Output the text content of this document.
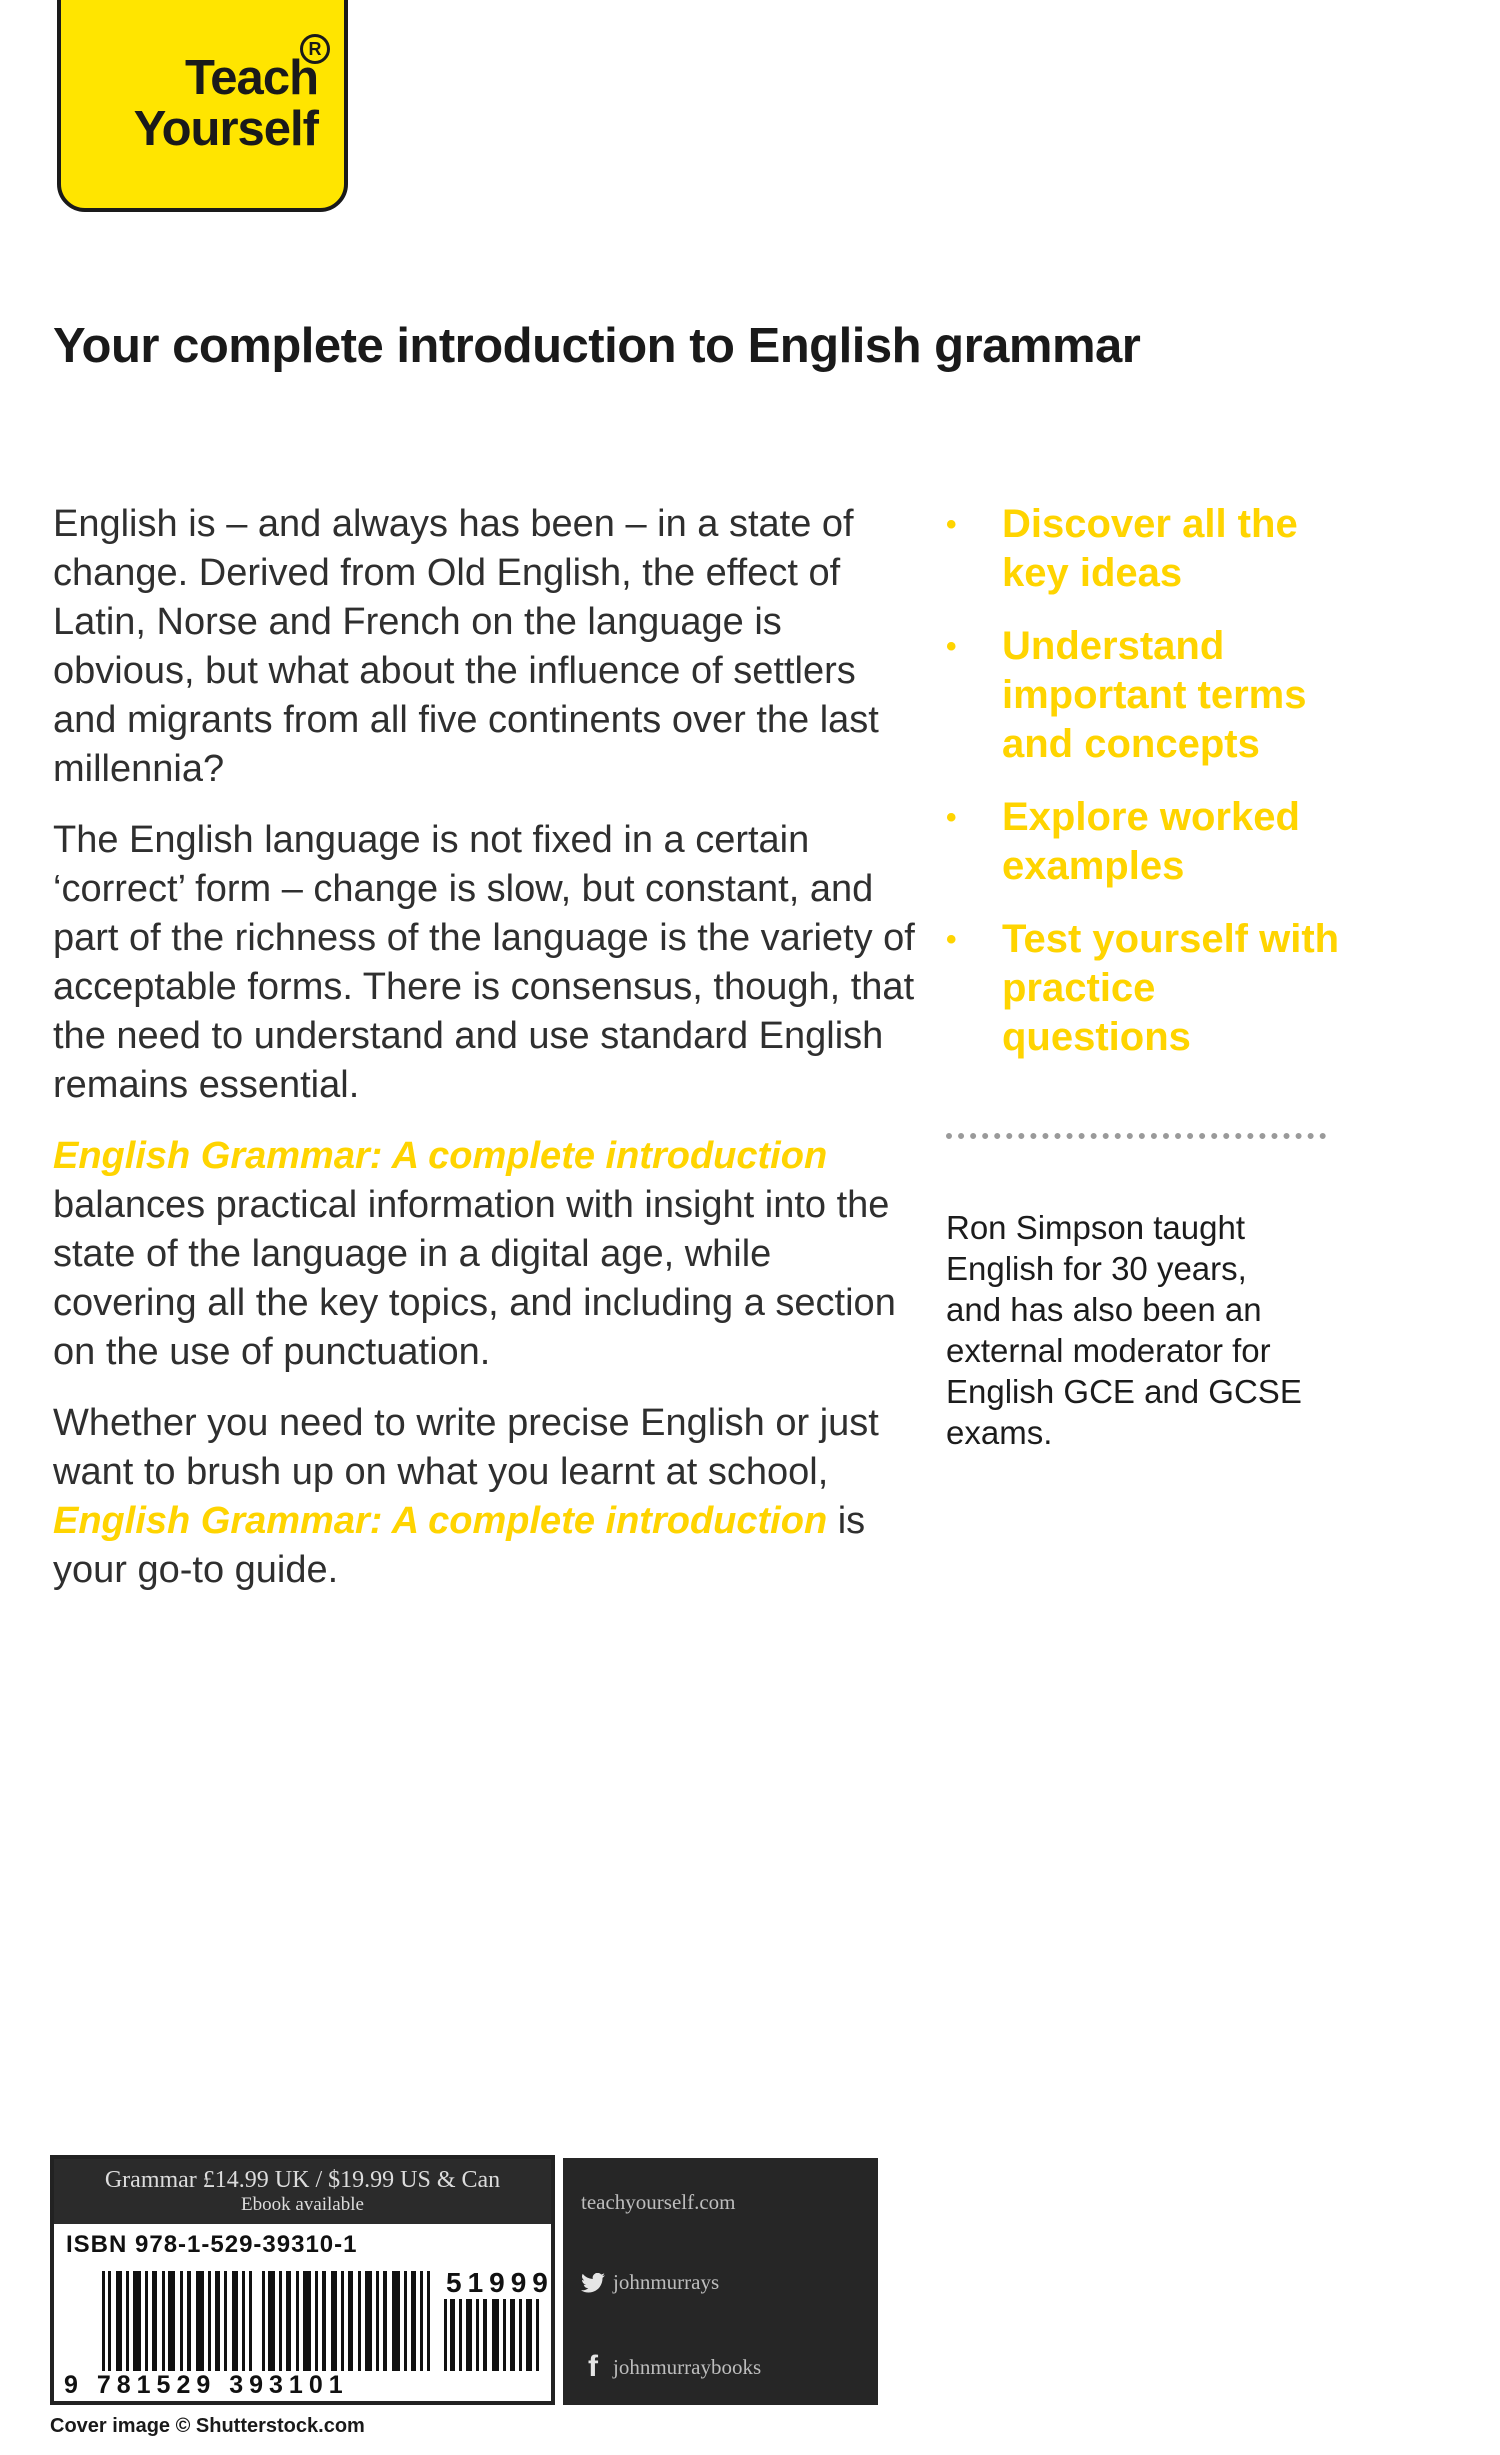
R
Teach
Yourself
Your complete introduction to English grammar

English is – and always has been – in a state of change. Derived from Old English, the effect of Latin, Norse and French on the language is obvious, but what about the influence of settlers and migrants from all five continents over the last millennia?

The English language is not fixed in a certain ‘correct’ form – change is slow, but constant, and part of the richness of the language is the variety of acceptable forms. There is consensus, though, that the need to understand and use standard English remains essential.

English Grammar: A complete introduction balances practical information with insight into the state of the language in a digital age, while covering all the key topics, and including a section on the use of punctuation.

Whether you need to write precise English or just want to brush up on what you learnt at school, English Grammar: A complete introduction is your go-to guide.

• Discover all the key ideas
• Understand important terms and concepts
• Explore worked examples
• Test yourself with practice questions
Ron Simpson taught English for 30 years, and has also been an external moderator for English GCE and GCSE exams.
Grammar £14.99 UK / $19.99 US & Can
Ebook available
ISBN 978-1-529-39310-1
51999
9 781529 393101
teachyourself.com
johnmurrays
f johnmurraybooks
Cover image © Shutterstock.com
